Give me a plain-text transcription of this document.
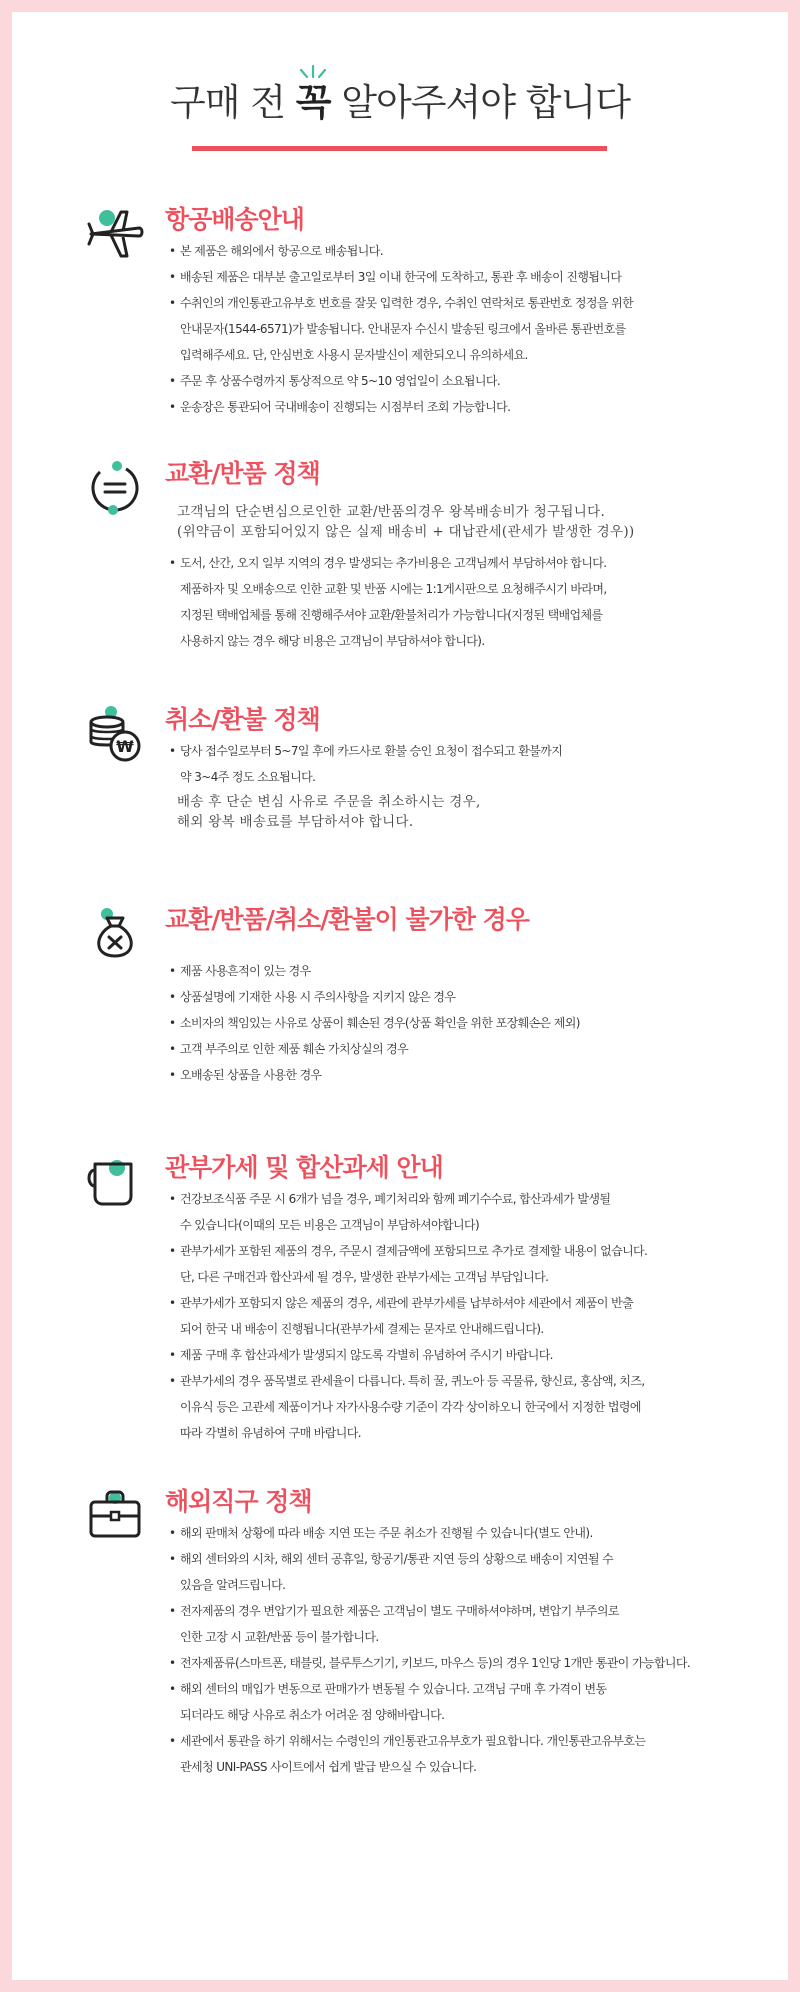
구매 전
꼭 알아주셔야 합니다
항공배송안내
• 본 제품은 해외에서 항공으로 배송됩니다.
• 배송된 제품은 대부분 출고일로부터 3일 이내 한국에 도착하고, 통관 후 배송이 진행됩니다
• 수취인의 개인통관고유부호 번호를 잘못 입력한 경우, 수취인 연락처로 통관번호 정정을 위한
안내문자(1544-6571)가 발송됩니다. 안내문자 수신시 발송된 링크에서 올바른 통관번호를
입력해주세요. 단, 안심번호 사용시 문자발신이 제한되오니 유의하세요.
• 주문 후 상품수령까지 통상적으로 약 5~10 영업일이 소요됩니다.
• 운송장은 통관되어 국내배송이 진행되는 시점부터 조회 가능합니다.
교환/반품 정책
고객님의 단순변심으로인한 교환/반품의경우 왕복배송비가 청구됩니다.
(위약금이 포함되어있지 않은 실제 배송비 + 대납관세(관세가 발생한 경우))
• 도서, 산간, 오지 일부 지역의 경우 발생되는 추가비용은 고객님께서 부담하셔야 합니다.
제품하자 및 오배송으로 인한 교환 및 반품 시에는 1:1게시판으로 요청해주시기 바라며,
지정된 택배업체를 통해 진행해주셔야 교환/환불처리가 가능합니다(지정된 택배업체를
사용하지 않는 경우 해당 비용은 고객님이 부담하셔야 합니다).
₩
취소/환불 정책
• 당사 접수일로부터 5~7일 후에 카드사로 환불 승인 요청이 접수되고 환불까지
약 3~4주 정도 소요됩니다.
배송 후 단순 변심 사유로 주문을 취소하시는 경우,
해외 왕복 배송료를 부담하셔야 합니다.
교환/반품/취소/환불이 불가한 경우
• 제품 사용흔적이 있는 경우
• 상품설명에 기재한 사용 시 주의사항을 지키지 않은 경우
• 소비자의 책임있는 사유로 상품이 훼손된 경우(상품 확인을 위한 포장훼손은 제외)
• 고객 부주의로 인한 제품 훼손 가치상실의 경우
• 오배송된 상품을 사용한 경우
관부가세 및 합산과세 안내
• 건강보조식품 주문 시 6개가 넘을 경우, 폐기처리와 함께 폐기수수료, 합산과세가 발생될
수 있습니다(이때의 모든 비용은 고객님이 부담하셔야합니다)
• 관부가세가 포함된 제품의 경우, 주문시 결제금액에 포함되므로 추가로 결제할 내용이 없습니다.
단, 다른 구매건과 합산과세 될 경우, 발생한 관부가세는 고객님 부담입니다.
• 관부가세가 포함되지 않은 제품의 경우, 세관에 관부가세를 납부하셔야 세관에서 제품이 반출
되어 한국 내 배송이 진행됩니다(관부가세 결제는 문자로 안내해드립니다).
• 제품 구매 후 합산과세가 발생되지 않도록 각별히 유념하여 주시기 바랍니다.
• 관부가세의 경우 품목별로 관세율이 다릅니다. 특히 꿀, 퀴노아 등 곡물류, 향신료, 홍삼액, 치즈,
이유식 등은 고관세 제품이거나 자가사용수량 기준이 각각 상이하오니 한국에서 지정한 법령에
따라 각별히 유념하여 구매 바랍니다.
해외직구 정책
• 해외 판매처 상황에 따라 배송 지연 또는 주문 취소가 진행될 수 있습니다(별도 안내).
• 해외 센터와의 시차, 해외 센터 공휴일, 항공기/통관 지연 등의 상황으로 배송이 지연될 수
있음을 알려드립니다.
• 전자제품의 경우 변압기가 필요한 제품은 고객님이 별도 구매하셔야하며, 변압기 부주의로
인한 고장 시 교환/반품 등이 불가합니다.
• 전자제품류(스마트폰, 태블릿, 블루투스기기, 키보드, 마우스 등)의 경우 1인당 1개만 통관이 가능합니다.
• 해외 센터의 매입가 변동으로 판매가가 변동될 수 있습니다. 고객님 구매 후 가격이 변동
되더라도 해당 사유로 취소가 어려운 점 양해바랍니다.
• 세관에서 통관을 하기 위해서는 수령인의 개인통관고유부호가 필요합니다. 개인통관고유부호는
관세청 UNI-PASS 사이트에서 쉽게 발급 받으실 수 있습니다.
